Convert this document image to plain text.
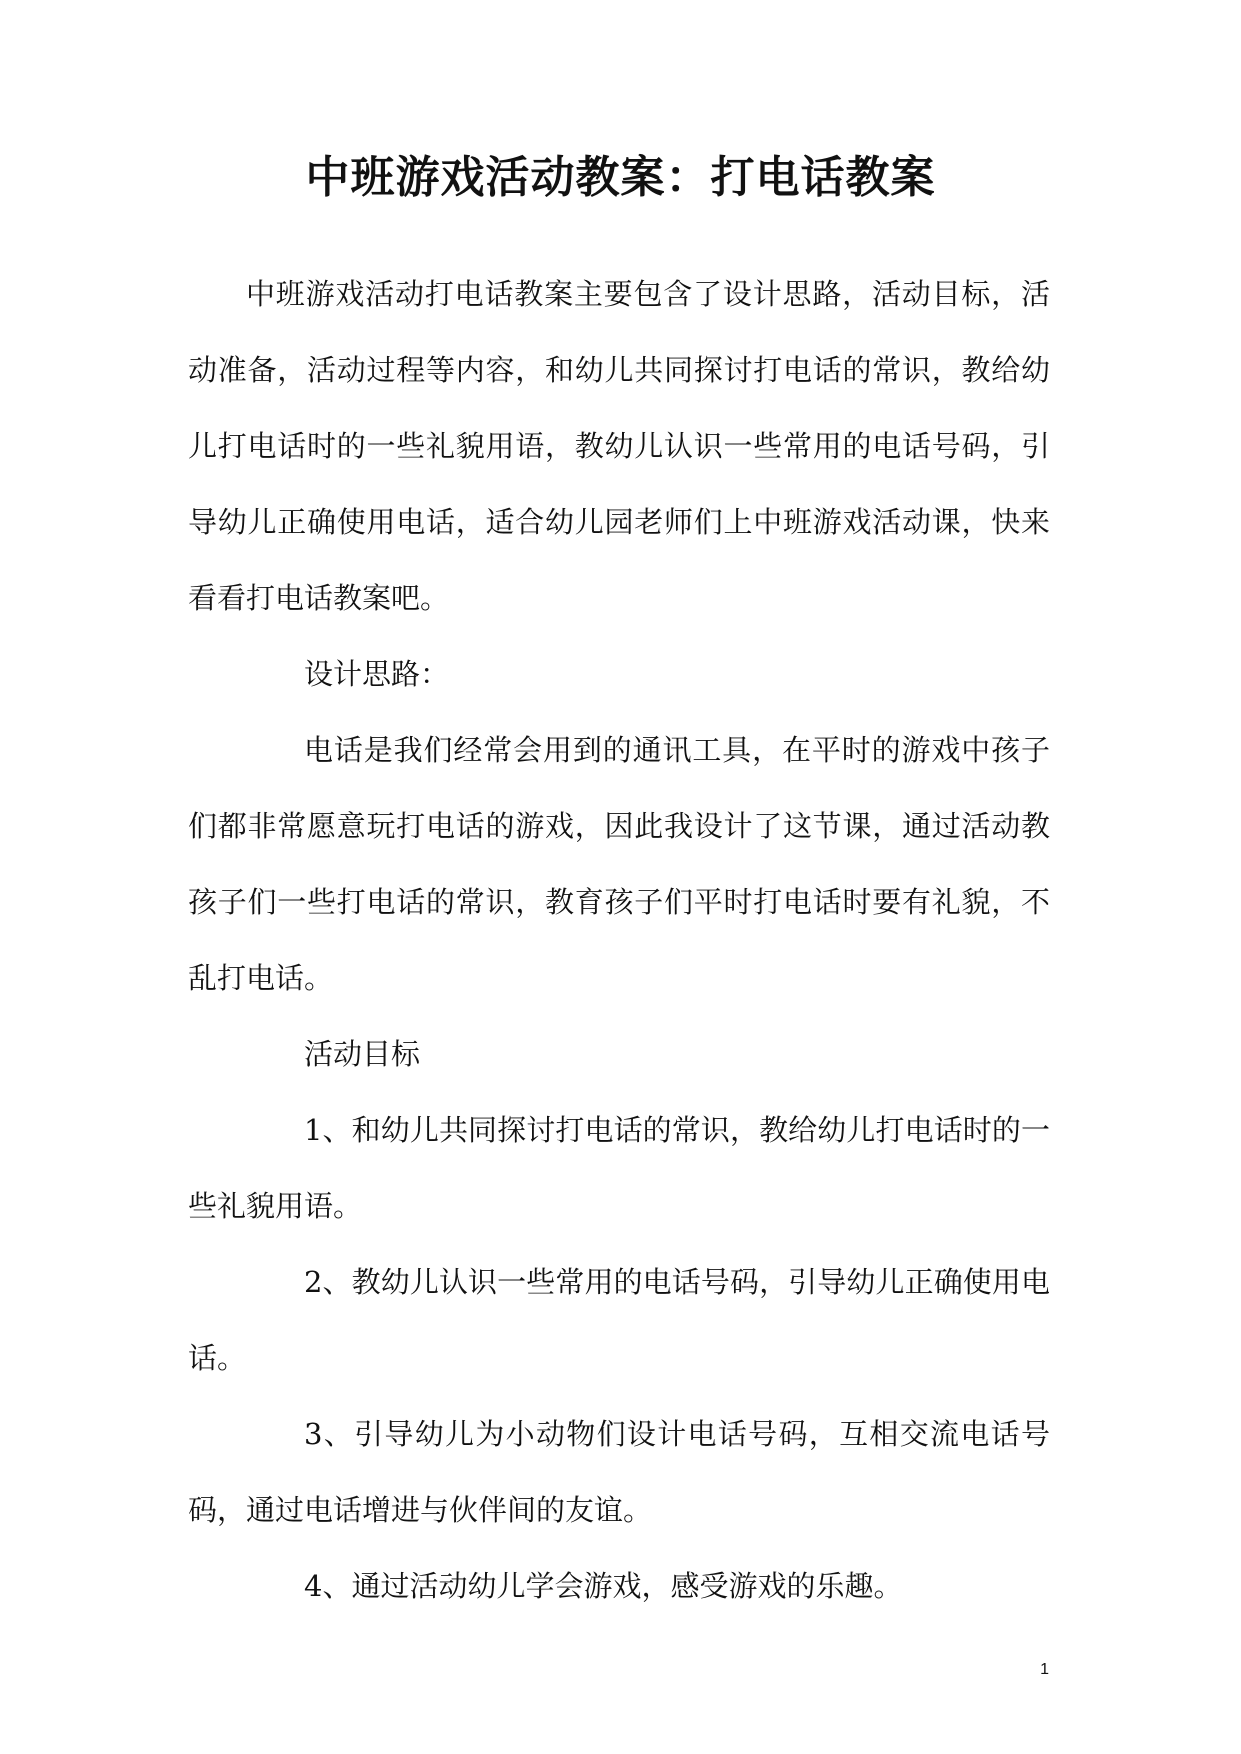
中班游戏活动教案：打电话教案

中班游戏活动打电话教案主要包含了设计思路，活动目标，活动准备，活动过程等内容，和幼儿共同探讨打电话的常识，教给幼儿打电话时的一些礼貌用语，教幼儿认识一些常用的电话号码，引导幼儿正确使用电话，适合幼儿园老师们上中班游戏活动课，快来看看打电话教案吧。

设计思路：

电话是我们经常会用到的通讯工具，在平时的游戏中孩子们都非常愿意玩打电话的游戏，因此我设计了这节课，通过活动教孩子们一些打电话的常识，教育孩子们平时打电话时要有礼貌，不乱打电话。

活动目标

1、和幼儿共同探讨打电话的常识，教给幼儿打电话时的一些礼貌用语。

2、教幼儿认识一些常用的电话号码，引导幼儿正确使用电话。

3、引导幼儿为小动物们设计电话号码，互相交流电话号码，通过电话增进与伙伴间的友谊。

4、通过活动幼儿学会游戏，感受游戏的乐趣。

1
